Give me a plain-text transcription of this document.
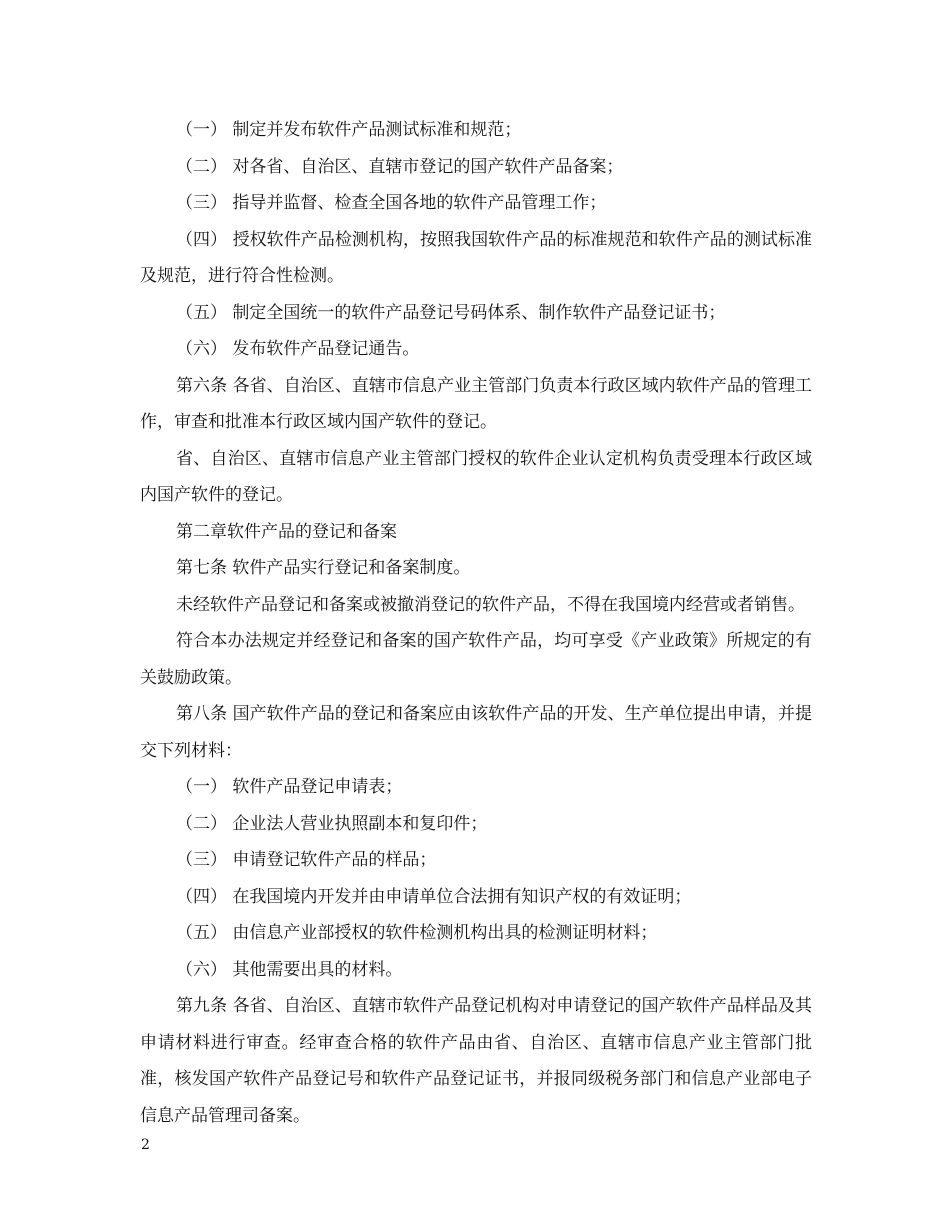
（一） 制定并发布软件产品测试标准和规范；

（二） 对各省、自治区、直辖市登记的国产软件产品备案；

（三） 指导并监督、检查全国各地的软件产品管理工作；

（四） 授权软件产品检测机构，按照我国软件产品的标准规范和软件产品的测试标准及规范，进行符合性检测。

（五） 制定全国统一的软件产品登记号码体系、制作软件产品登记证书；

（六） 发布软件产品登记通告。

第六条 各省、自治区、直辖市信息产业主管部门负责本行政区域内软件产品的管理工作，审查和批准本行政区域内国产软件的登记。

省、自治区、直辖市信息产业主管部门授权的软件企业认定机构负责受理本行政区域内国产软件的登记。

第二章软件产品的登记和备案

第七条 软件产品实行登记和备案制度。

未经软件产品登记和备案或被撤消登记的软件产品，不得在我国境内经营或者销售。

符合本办法规定并经登记和备案的国产软件产品，均可享受《产业政策》所规定的有关鼓励政策。

第八条 国产软件产品的登记和备案应由该软件产品的开发、生产单位提出申请，并提交下列材料：

（一） 软件产品登记申请表；

（二） 企业法人营业执照副本和复印件；

（三） 申请登记软件产品的样品；

（四） 在我国境内开发并由申请单位合法拥有知识产权的有效证明；

（五） 由信息产业部授权的软件检测机构出具的检测证明材料；

（六） 其他需要出具的材料。

第九条 各省、自治区、直辖市软件产品登记机构对申请登记的国产软件产品样品及其申请材料进行审查。经审查合格的软件产品由省、自治区、直辖市信息产业主管部门批准，核发国产软件产品登记号和软件产品登记证书，并报同级税务部门和信息产业部电子信息产品管理司备案。

2
